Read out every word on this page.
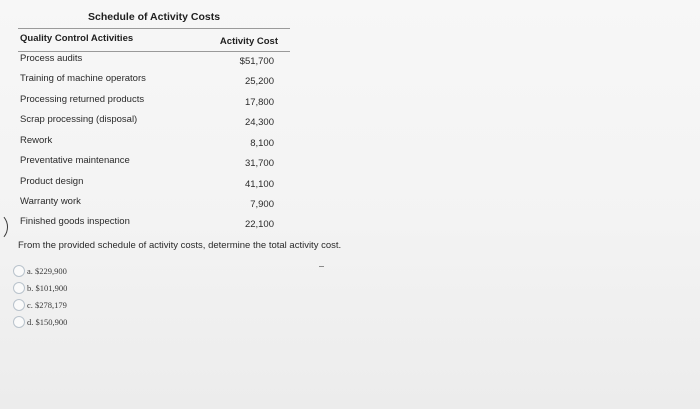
Schedule of Activity Costs
Quality Control Activities	Activity Cost
Process audits	$51,700
Training of machine operators	25,200
Processing returned products	17,800
Scrap processing (disposal)	24,300
Rework	8,100
Preventative maintenance	31,700
Product design	41,100
Warranty work	7,900
Finished goods inspection	22,100
From the provided schedule of activity costs, determine the total activity cost.
a. $229,900
b. $101,900
c. $278,179
d. $150,900
